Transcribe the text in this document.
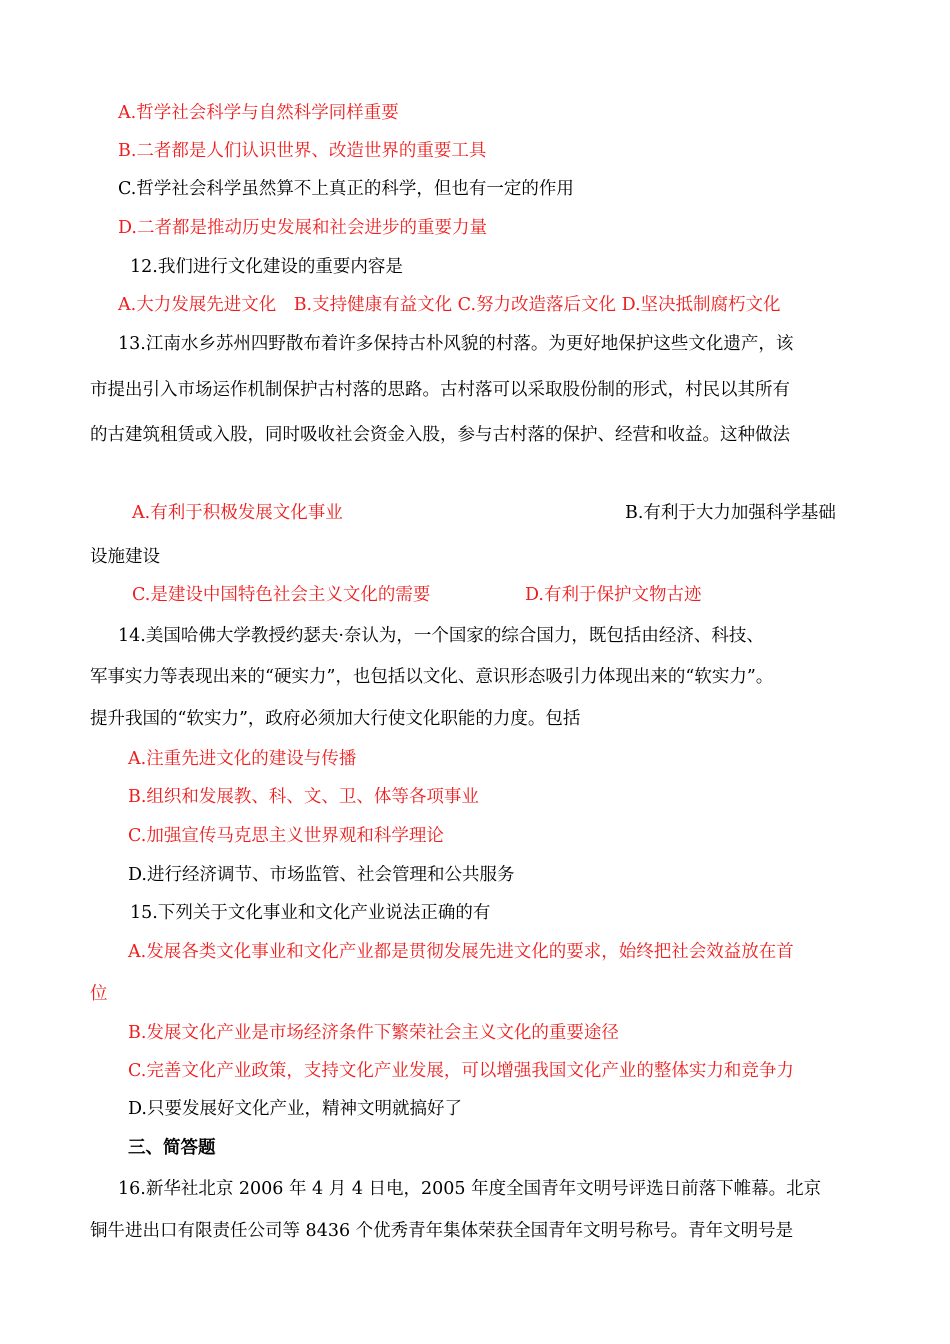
A.哲学社会科学与自然科学同样重要
B.二者都是人们认识世界、改造世界的重要工具
C.哲学社会科学虽然算不上真正的科学，但也有一定的作用
D.二者都是推动历史发展和社会进步的重要力量
12.我们进行文化建设的重要内容是
A.大力发展先进文化　B.支持健康有益文化 C.努力改造落后文化 D.坚决抵制腐朽文化
13.江南水乡苏州四野散布着许多保持古朴风貌的村落。为更好地保护这些文化遗产，该
市提出引入市场运作机制保护古村落的思路。古村落可以采取股份制的形式，村民以其所有
的古建筑租赁或入股，同时吸收社会资金入股，参与古村落的保护、经营和收益。这种做法
A.有利于积极发展文化事业	B.有利于大力加强科学基础
设施建设
C.是建设中国特色社会主义文化的需要	D.有利于保护文物古迹
14.美国哈佛大学教授约瑟夫·奈认为，一个国家的综合国力，既包括由经济、科技、
军事实力等表现出来的“硬实力”，也包括以文化、意识形态吸引力体现出来的“软实力”。
提升我国的“软实力”，政府必须加大行使文化职能的力度。包括
A.注重先进文化的建设与传播
B.组织和发展教、科、文、卫、体等各项事业
C.加强宣传马克思主义世界观和科学理论
D.进行经济调节、市场监管、社会管理和公共服务
15.下列关于文化事业和文化产业说法正确的有
A.发展各类文化事业和文化产业都是贯彻发展先进文化的要求，始终把社会效益放在首
位
B.发展文化产业是市场经济条件下繁荣社会主义文化的重要途径
C.完善文化产业政策，支持文化产业发展，可以增强我国文化产业的整体实力和竞争力
D.只要发展好文化产业，精神文明就搞好了
三、简答题
16.新华社北京 2006 年 4 月 4 日电，2005 年度全国青年文明号评选日前落下帷幕。北京
铜牛进出口有限责任公司等 8436 个优秀青年集体荣获全国青年文明号称号。青年文明号是
